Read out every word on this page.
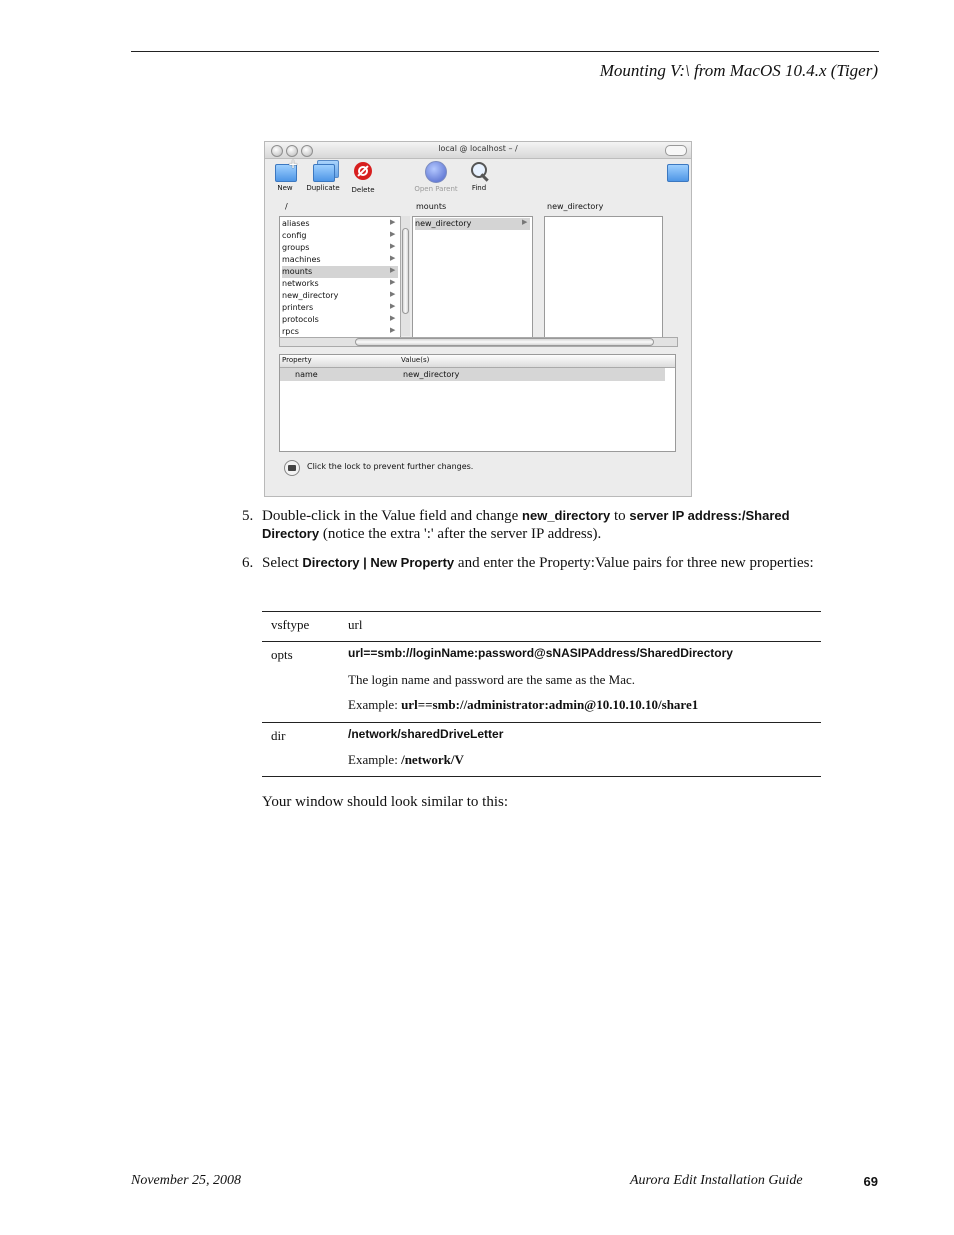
Mounting V:\ from MacOS 10.4.x (Tiger)
local @ localhost – /
+
New	Duplicate	Delete	Open Parent	Find
/	mounts	new_directory
aliases
config
groups
machines
mounts
networks
new_directory
printers
protocols
rpcs
▶
▶
▶
▶
▶
▶
▶
▶
▶
▶
new_directory	▶
Property	Value(s)
name	new_directory
Click the lock to prevent further changes.
5. Double-click in the Value field and change new_directory to server IP address:/Shared Directory (notice the extra ':' after the server IP address).
6. Select Directory | New Property and enter the Property:Value pairs for three new properties:
vsftype	url
opts	url==smb://loginName:password@sNASIPAddress/SharedDirectory
The login name and password are the same as the Mac.
Example: url==smb://administrator:admin@10.10.10.10/share1
dir	/network/sharedDriveLetter
Example: /network/V
Your window should look similar to this:
November 25, 2008	Aurora Edit Installation Guide	69
